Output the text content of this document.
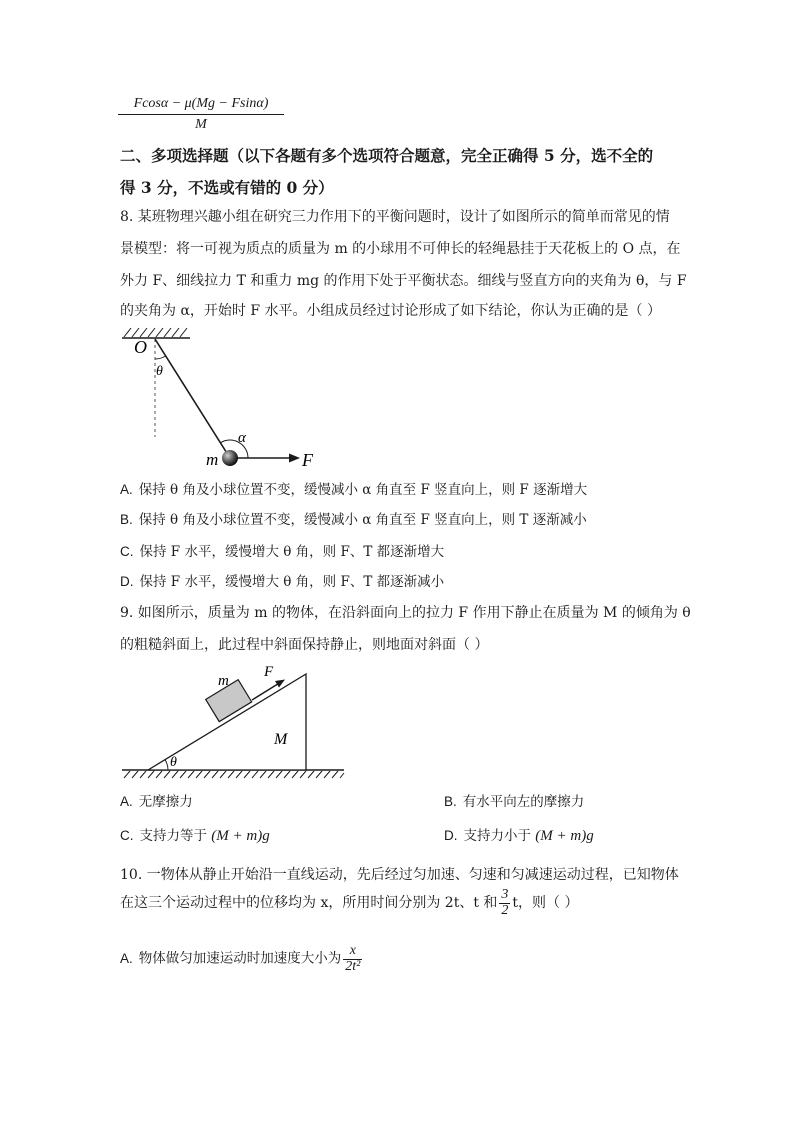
Fcosα − μ(Mg − Fsinα)
M
二、多项选择题（以下各题有多个选项符合题意，完全正确得 5 分，选不全的
得 3 分，不选或有错的 0 分）
8. 某班物理兴趣小组在研究三力作用下的平衡问题时，设计了如图所示的简单而常见的情
景模型：将一可视为质点的质量为 m 的小球用不可伸长的轻绳悬挂于天花板上的 O 点，在
外力 F、细线拉力 T 和重力 mg 的作用下处于平衡状态。细线与竖直方向的夹角为 θ，与 F
的夹角为 α，开始时 F 水平。小组成员经过讨论形成了如下结论，你认为正确的是（ ）
O
θ
α
m	F
A. 保持 θ 角及小球位置不变，缓慢减小 α 角直至 F 竖直向上，则 F 逐渐增大
B. 保持 θ 角及小球位置不变，缓慢减小 α 角直至 F 竖直向上，则 T 逐渐减小
C. 保持 F 水平，缓慢增大 θ 角，则 F、T 都逐渐增大
D. 保持 F 水平，缓慢增大 θ 角，则 F、T 都逐渐减小
9. 如图所示，质量为 m 的物体，在沿斜面向上的拉力 F 作用下静止在质量为 M 的倾角为 θ
的粗糙斜面上，此过程中斜面保持静止，则地面对斜面（ ）
F
m
M
θ
A. 无摩擦力	B. 有水平向左的摩擦力
C. 支持力等于 (M + m)g	D. 支持力小于 (M + m)g
10. 一物体从静止开始沿一直线运动，先后经过匀加速、匀速和匀减速运动过程，已知物体
在这三个运动过程中的位移均为 x，所用时间分别为 2t、t 和 $\frac{3}{2}$ t，则（ ）
A. 物体做匀加速运动时加速度大小为 $\frac{x}{\text{2t²}}$
